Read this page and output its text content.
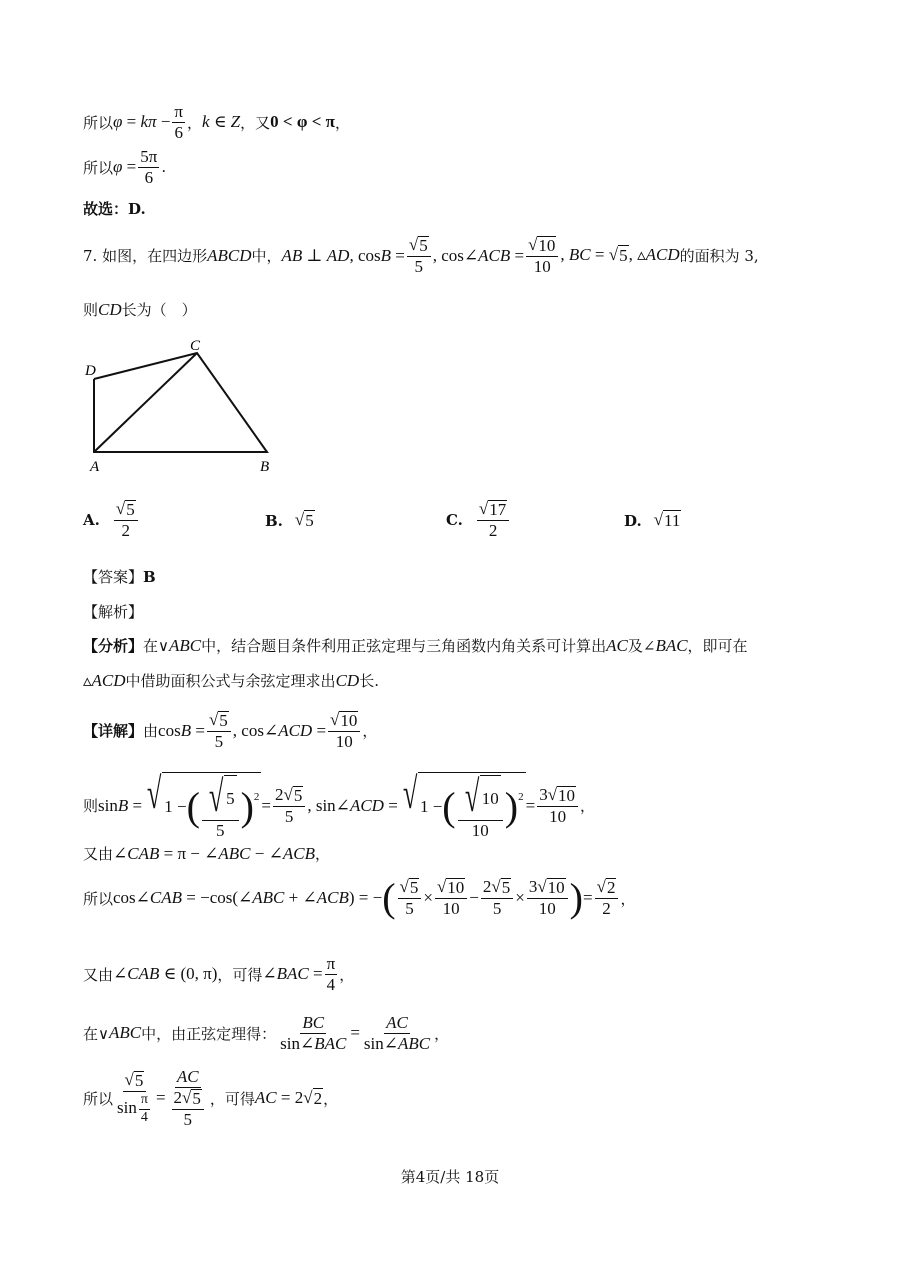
所以 $\varphi = k\pi - \frac{\pi}{6}$ ， k ∈ Z ， 又 0 < φ < π ，
所以 $\varphi = \frac{5\pi}{6}$ .
故选：D.
7. 如图，在四边形 ABCD 中， AB ⊥ AD, $\cos B = \frac{√ 5}{5}$ , cos∠ACB = $\frac{√ 10}{10}$ , BC = √ 5 , ▵ACD 的面积为 3,
则 CD 长为（　）
D
C
A	B
A. $\frac{√ 5}{2}$	B. √ 5	C. $\frac{√ 17}{2}$	D. √ 11
【答案】 B
【解析】
【分析】 在∨ ABC 中，结合题目条件利用正弦定理与三角函数内角关系可计算出 AC 及∠ BAC ，即可在
▵ACD 中借助面积公式与余弦定理求出 CD 长.
【详解】 由 $\cos B = \frac{√ 5}{5}$ , cos∠ACD = $\frac{√ 10}{10}$ ，
则 sinB = √ 1 − ( $\frac{√ 5}{5}$ ) $2 = \frac{2 √ 5}{5}$ , sin∠ACD = √ 1 − ( $\frac{√ 10}{10}$ ) $2 = \frac{3 √ 10}{10}$ ，
又由 ∠CAB = π − ∠ABC − ∠ACB ，
所以 cos∠CAB = −cos(∠ABC + ∠ACB) = − ( $\frac{√ 5}{5} \times \frac{√ 10}{10} - \frac{2 √ 5}{5} \times \frac{3 √ 10}{10}$ ) = $\frac{√ 2}{2}$ ，
又由 ∠CAB ∈ (0, π) ，可得 ∠BAC = $\frac{\pi}{4}$ ，
在∨ ABC 中，由正弦定理得： $\frac{BC}{\text{sin∠BAC}} = \frac{AC}{\text{sin∠ABC}}$ ，
所以 $\frac{√ 5}{\sin \frac{\pi}{4}} = \frac{AC}{\frac{2 √ 5}{5}}$ ，可得 AC = 2 √ 2 ，
第4页/共 18页
